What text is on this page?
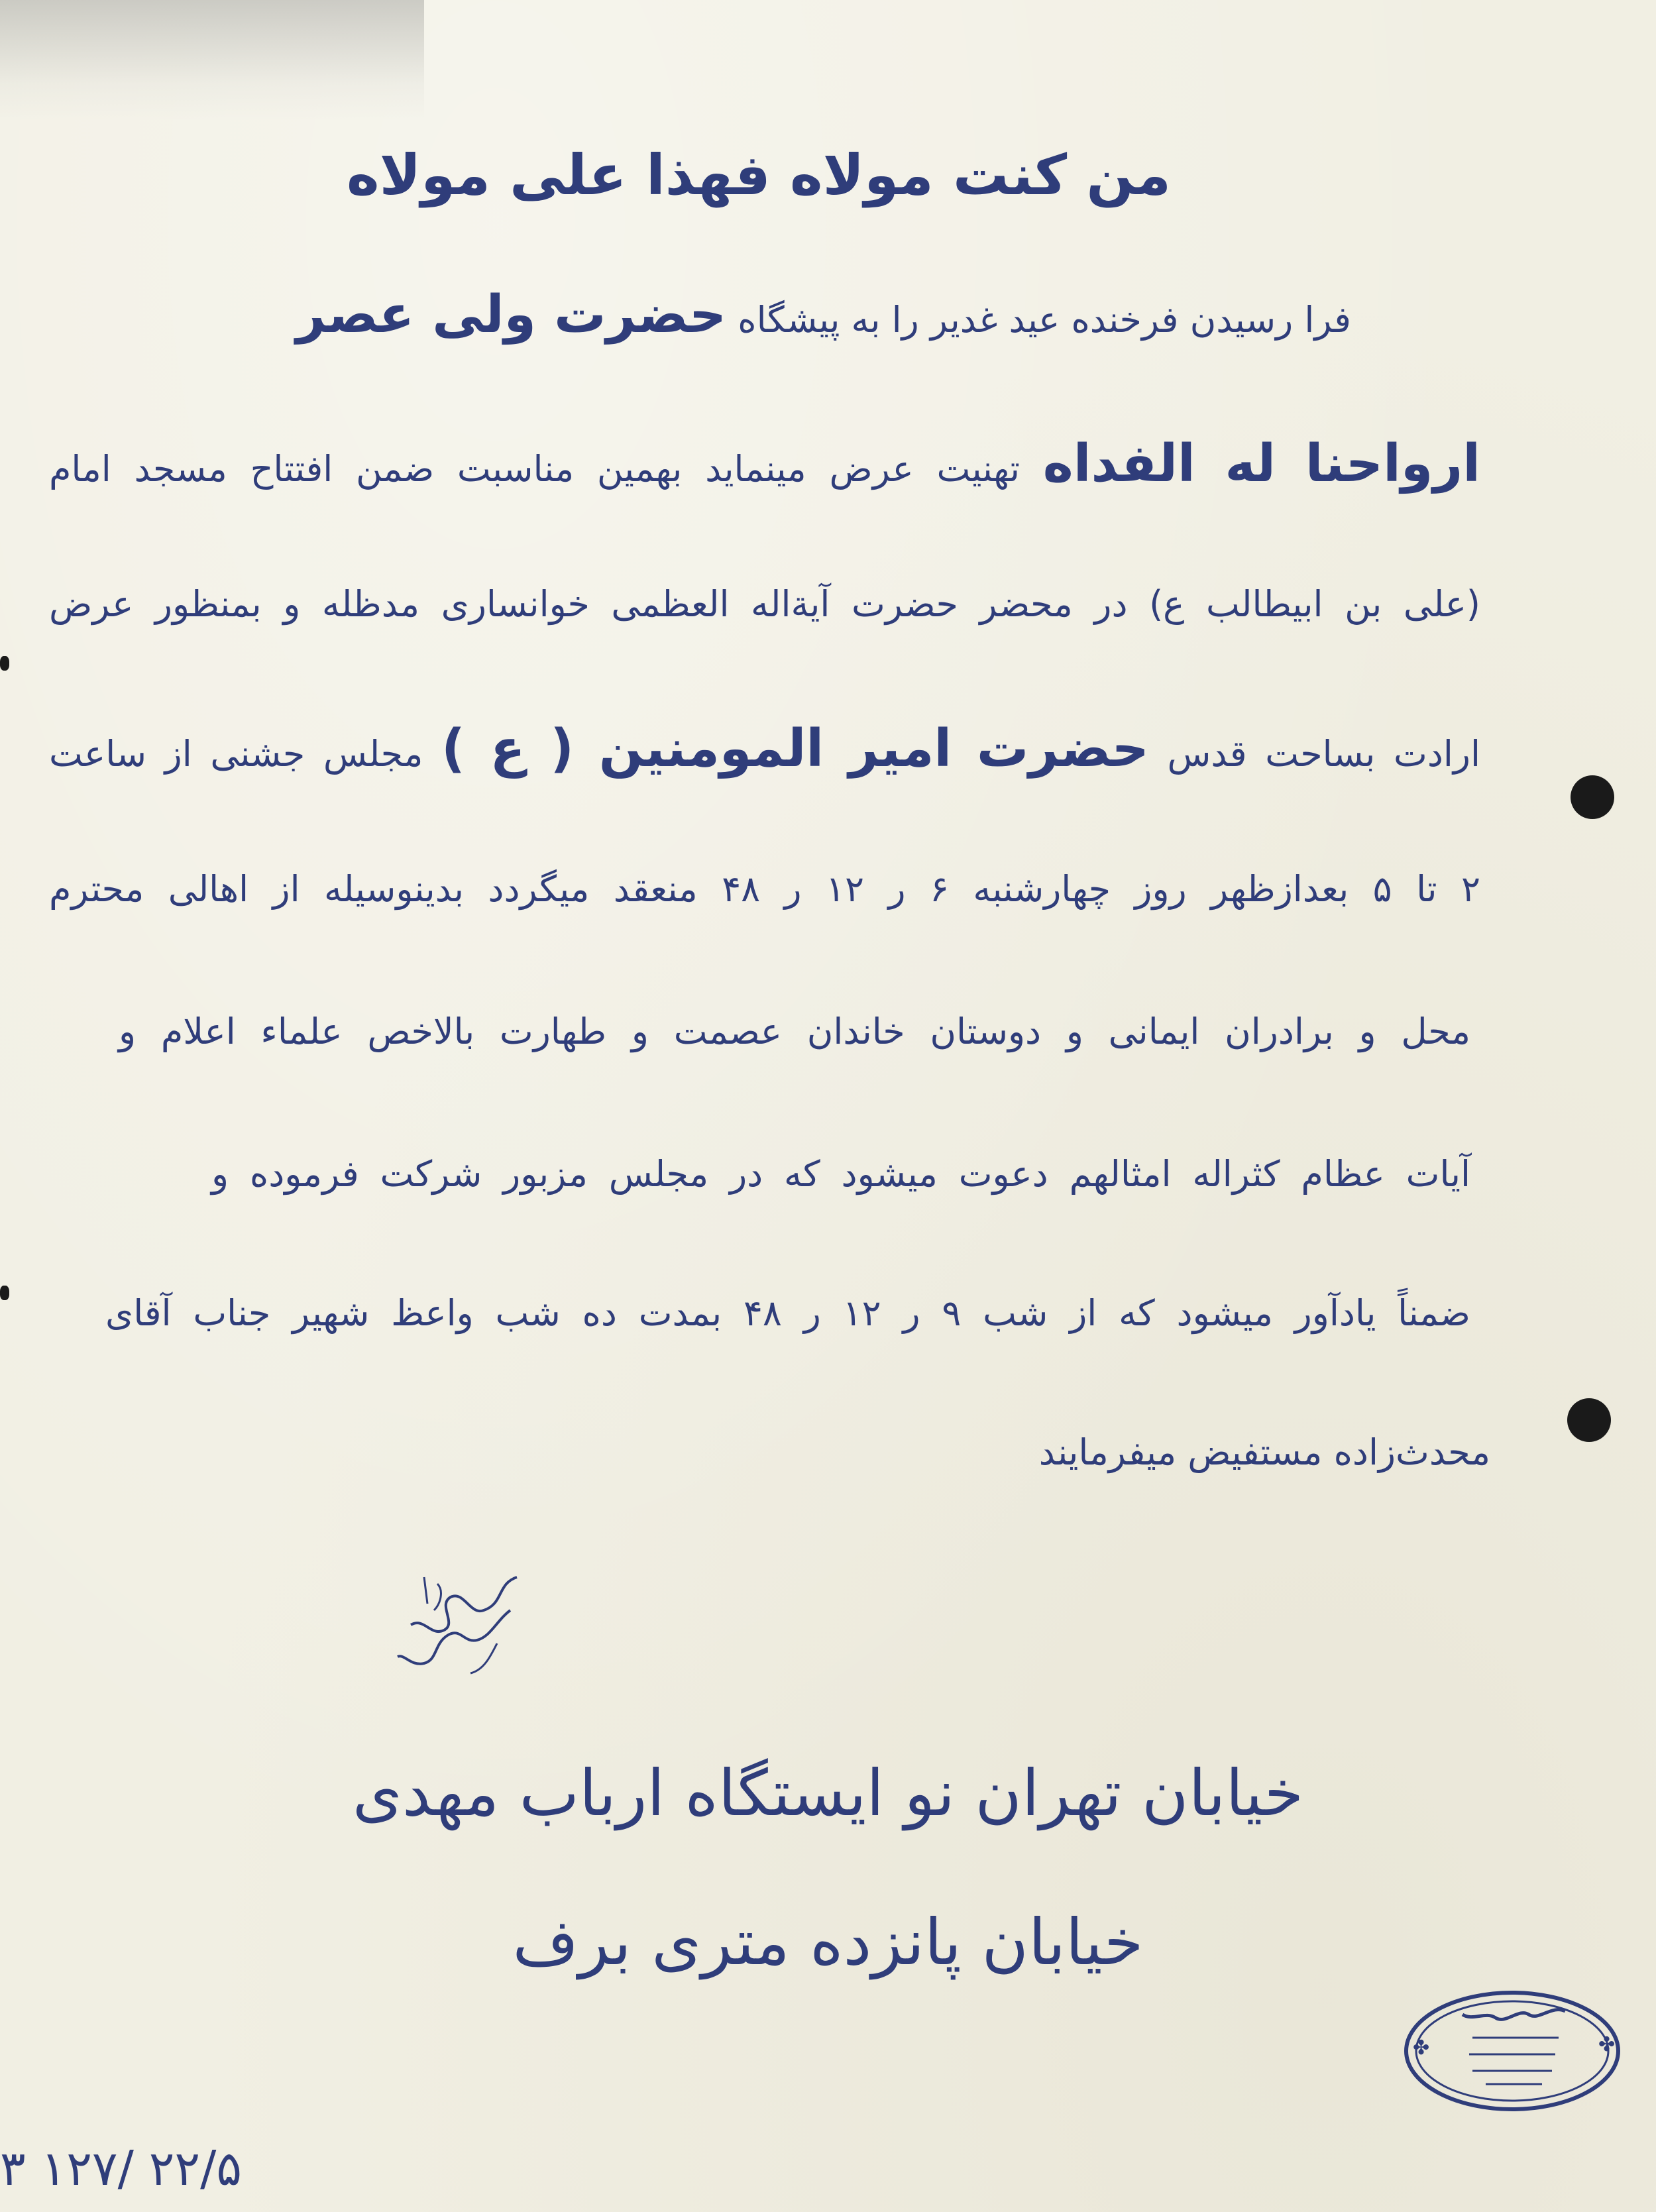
من کنت مولاه فهذا علی مولاه
فرا رسیدن فرخنده عید غدیر را به پیشگاه حضرت ولی عصر
ارواحنا له الفداه تهنیت عرض مینماید بهمین مناسبت ضمن افتتاح مسجد امام
(علی بن ابیطالب ع) در محضر حضرت آیة‌اله العظمی خوانساری مدظله و بمنظور عرض
ارادت بساحت قدس حضرت امیر المومنین ( ع ) مجلس جشنی از ساعت
۲ تا ۵ بعدازظهر روز چهارشنبه ۶ ر ۱۲ ر ۴۸ منعقد میگردد بدینوسیله از اهالی محترم
محل و برادران ایمانی و دوستان خاندان عصمت و طهارت بالاخص علماء اعلام و
آیات عظام کثراله امثالهم دعوت میشود که در مجلس مزبور شرکت فرموده و
ضمناً یادآور میشود که از شب ۹ ر ۱۲ ر ۴۸ بمدت ده شب واعظ شهیر جناب آقای
محدث‌زاده مستفیض میفرمایند
خیابان تهران نو ایستگاه ارباب مهدی
خیابان پانزده متری برف
✤
✤
۳ ۱۲۷/ ۲۲/۵
